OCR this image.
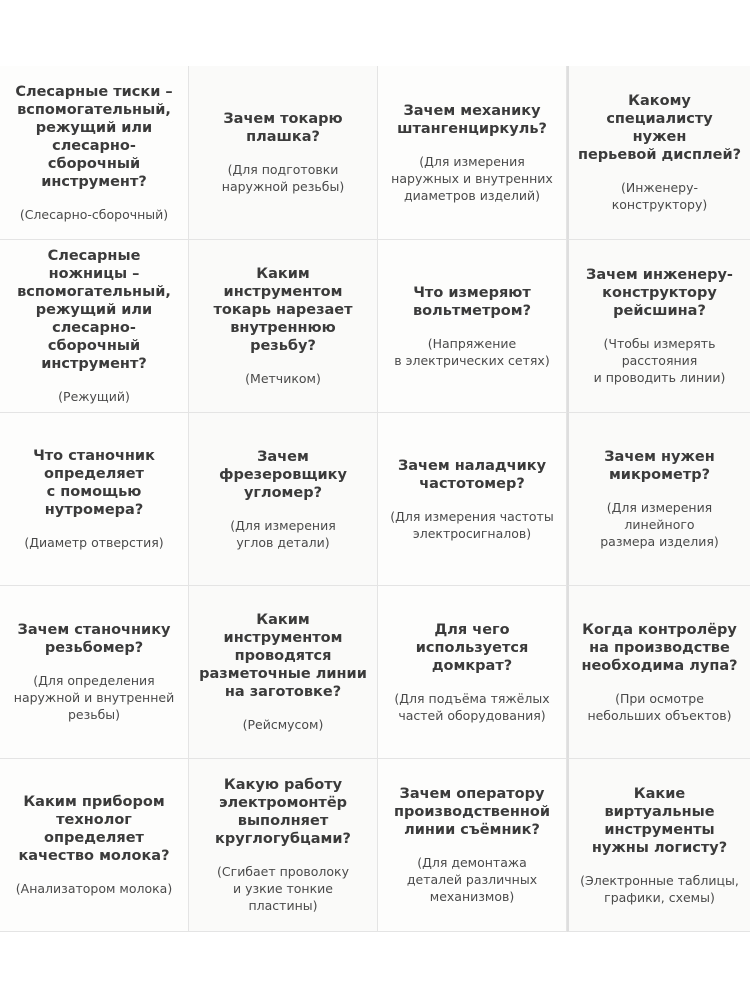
Слесарные тиски –
вспомогательный,
режущий или
слесарно-сборочный
инструмент?
(Слесарно-сборочный)
Зачем токарю
плашка?
(Для подготовки
наружной резьбы)
Зачем механику
штангенциркуль?
(Для измерения
наружных и внутренних
диаметров изделий)
Какому специалисту
нужен
перьевой дисплей?
(Инженеру-конструктору)
Слесарные ножницы –
вспомогательный,
режущий или
слесарно-сборочный
инструмент?
(Режущий)
Каким инструментом
токарь нарезает
внутреннюю резьбу?
(Метчиком)
Что измеряют
вольтметром?
(Напряжение
в электрических сетях)
Зачем инженеру-
конструктору
рейсшина?
(Чтобы измерять
расстояния
и проводить линии)
Что станочник
определяет
с помощью
нутромера?
(Диаметр отверстия)
Зачем
фрезеровщику
угломер?
(Для измерения
углов детали)
Зачем наладчику
частотомер?
(Для измерения частоты
электросигналов)
Зачем нужен
микрометр?
(Для измерения
линейного
размера изделия)
Зачем станочнику
резьбомер?
(Для определения
наружной и внутренней
резьбы)
Каким инструментом
проводятся
разметочные линии
на заготовке?
(Рейсмусом)
Для чего
используется
домкрат?
(Для подъёма тяжёлых
частей оборудования)
Когда контролёру
на производстве
необходима лупа?
(При осмотре
небольших объектов)
Каким прибором
технолог определяет
качество молока?
(Анализатором молока)
Какую работу
электромонтёр
выполняет
круглогубцами?
(Сгибает проволоку
и узкие тонкие
пластины)
Зачем оператору
производственной
линии съёмник?
(Для демонтажа
деталей различных
механизмов)
Какие
виртуальные
инструменты
нужны логисту?
(Электронные таблицы,
графики, схемы)
